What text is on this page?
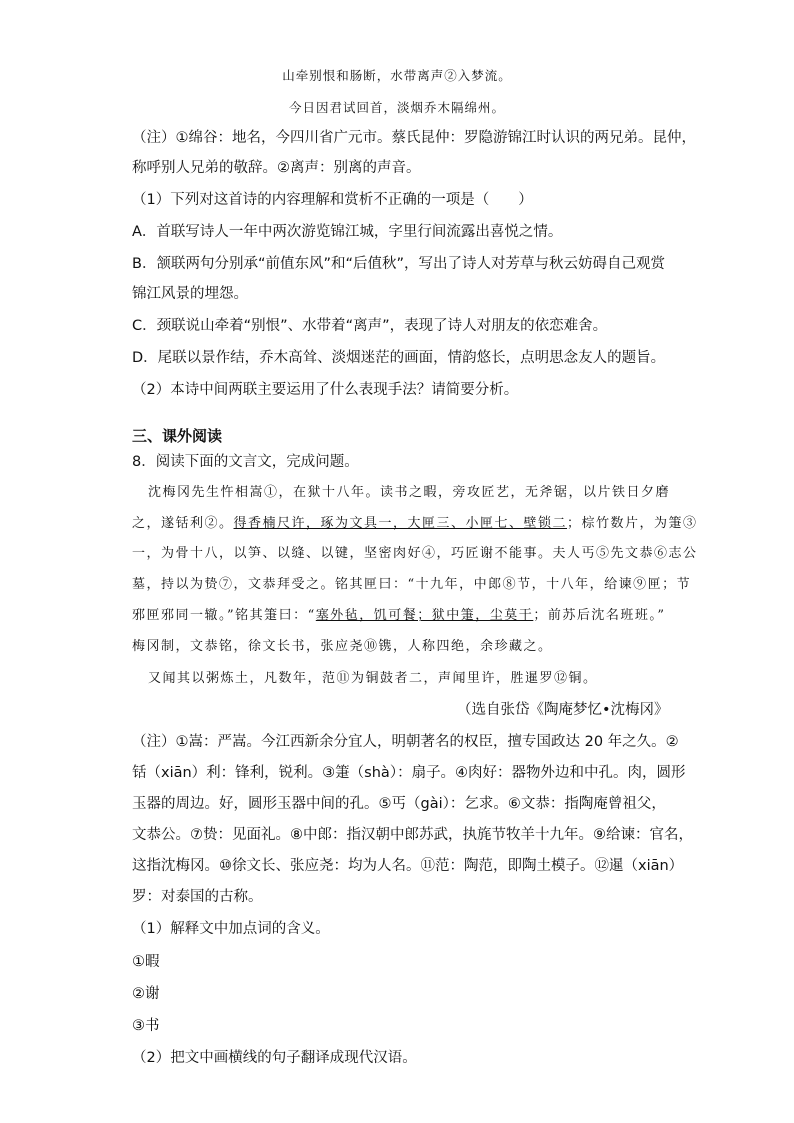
山牵别恨和肠断，水带离声②入梦流。
今日因君试回首，淡烟乔木隔绵州。
（注）①绵谷：地名，今四川省广元市。蔡氏昆仲：罗隐游锦江时认识的两兄弟。昆仲，
称呼别人兄弟的敬辞。②离声：别离的声音。
（1）下列对这首诗的内容理解和赏析不正确的一项是（　　）
A．首联写诗人一年中两次游览锦江城，字里行间流露出喜悦之情。
B．颔联两句分别承“前值东风”和“后值秋”，写出了诗人对芳草与秋云妨碍自己观赏
锦江风景的埋怨。
C．颈联说山牵着“别恨”、水带着“离声”，表现了诗人对朋友的依恋难舍。
D．尾联以景作结，乔木高耸、淡烟迷茫的画面，情韵悠长，点明思念友人的题旨。
（2）本诗中间两联主要运用了什么表现手法？请简要分析。
三、课外阅读
8．阅读下面的文言文，完成问题。
沈梅冈先生忤相嵩①，在狱十八年。读书之暇，旁攻匠艺，无斧锯，以片铁日夕磨
之，遂铦利②。得香楠尺许，琢为文具一，大匣三、小匣七、壁锁二；棕竹数片，为箑③
一，为骨十八，以笋、以缝、以键，坚密肉好④，巧匠谢不能事。夫人丐⑤先文恭⑥志公
墓，持以为贽⑦，文恭拜受之。铭其匣曰：“十九年，中郎⑧节，十八年，给谏⑨匣；节
邪匣邪同一辙。”铭其箑曰：“塞外毡，饥可餐；狱中箑，尘莫干；前苏后沈名班班。”
梅冈制，文恭铭，徐文长书，张应尧⑩镌，人称四绝，余珍藏之。
又闻其以粥炼土，凡数年，范⑪为铜鼓者二，声闻里许，胜暹罗⑫铜。
（选自张岱《陶庵梦忆•沈梅冈》
（注）①嵩：严嵩。今江西新余分宜人，明朝著名的权臣，擅专国政达 20 年之久。②
铦（xiān）利：锋利，锐利。③箑（shà）：扇子。④肉好：器物外边和中孔。肉，圆形
玉器的周边。好，圆形玉器中间的孔。⑤丐（gài）：乞求。⑥文恭：指陶庵曾祖父，
文恭公。⑦贽：见面礼。⑧中郎：指汉朝中郎苏武，执旄节牧羊十九年。⑨给谏：官名，
这指沈梅冈。⑩徐文长、张应尧：均为人名。⑪范：陶范，即陶土模子。⑫暹（xiān）
罗：对泰国的古称。
（1）解释文中加点词的含义。
①暇
②谢
③书
（2）把文中画横线的句子翻译成现代汉语。
